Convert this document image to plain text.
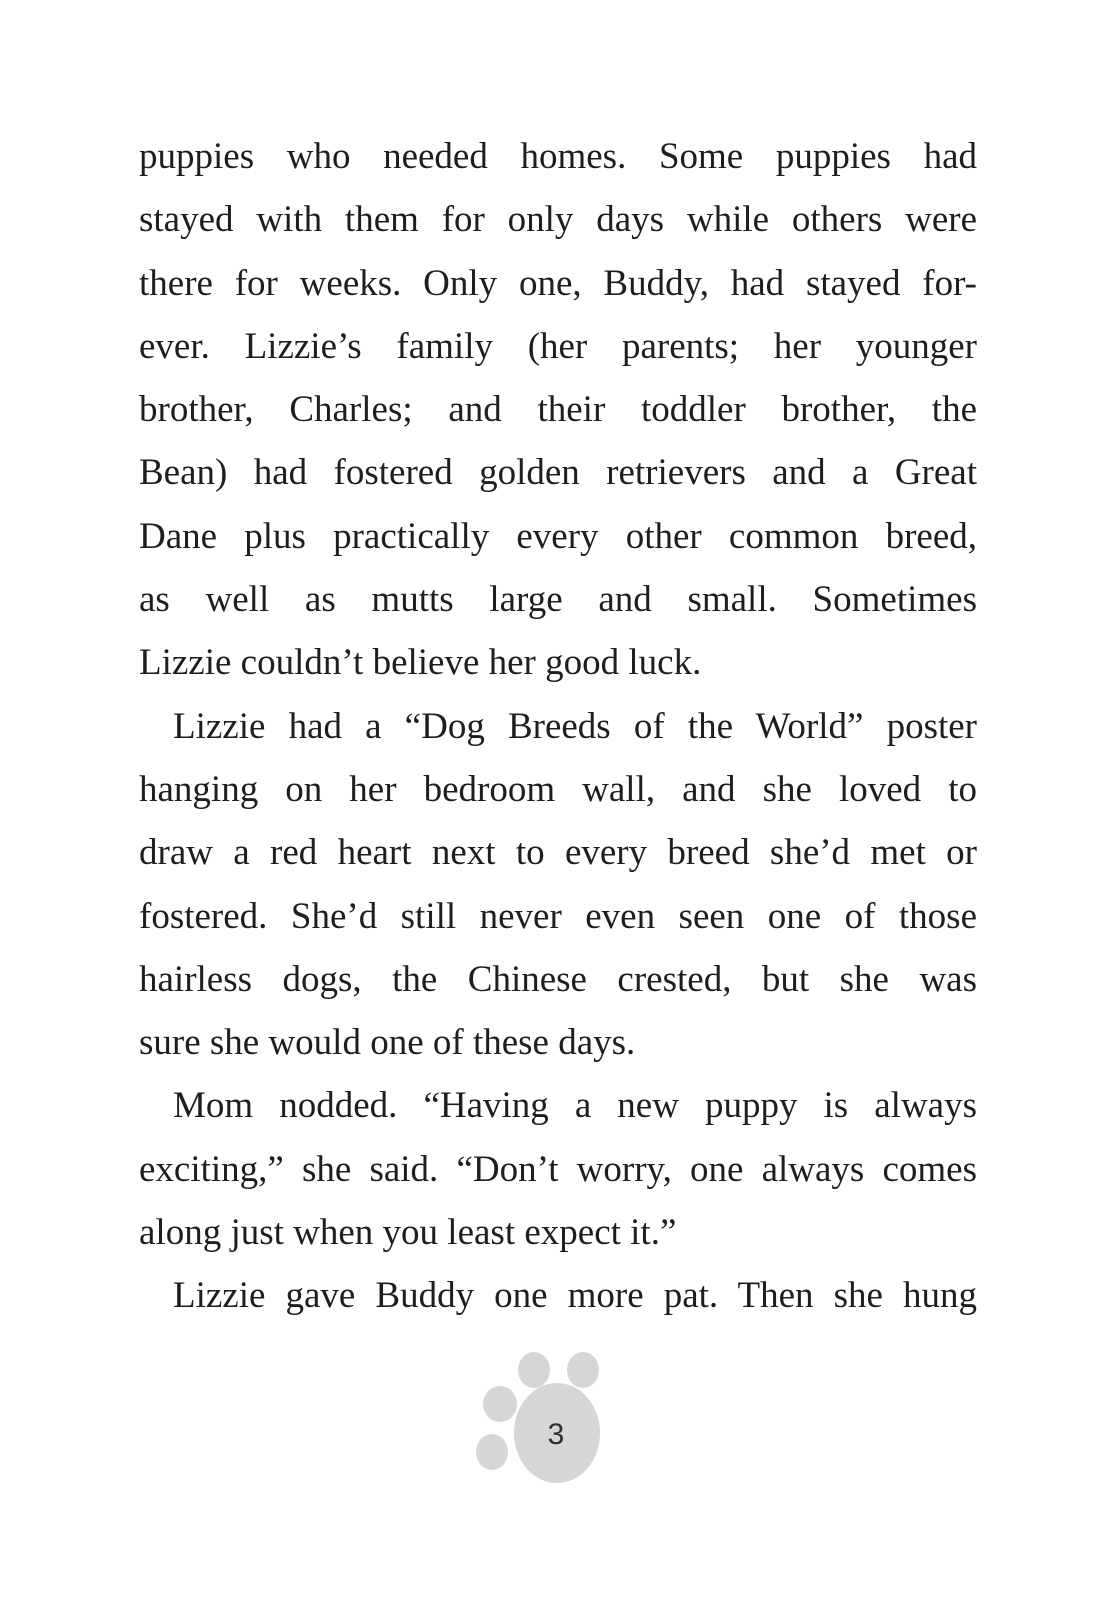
puppies who needed homes. Some puppies had
stayed with them for only days while others were
there for weeks. Only one, Buddy, had stayed for-
ever. Lizzie’s family (her parents; her younger
brother, Charles; and their toddler brother, the
Bean) had fostered golden retrievers and a Great
Dane plus practically every other common breed,
as well as mutts large and small. Sometimes
Lizzie couldn’t believe her good luck.
Lizzie had a “Dog Breeds of the World” poster
hanging on her bedroom wall, and she loved to
draw a red heart next to every breed she’d met or
fostered. She’d still never even seen one of those
hairless dogs, the Chinese crested, but she was
sure she would one of these days.
Mom nodded. “Having a new puppy is always
exciting,” she said. “Don’t worry, one always comes
along just when you least expect it.”
Lizzie gave Buddy one more pat. Then she hung
3
